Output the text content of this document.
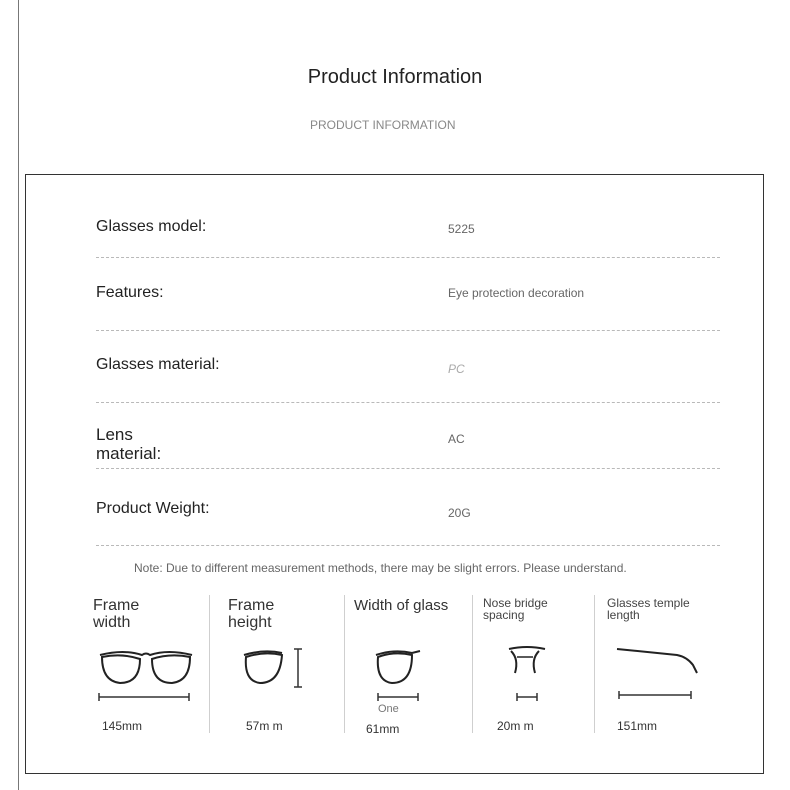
Product Information
PRODUCT INFORMATION
Glasses model:	5225
Features:	Eye protection decoration
Glasses material:	PC
Lens
material:
AC
Product Weight:	20G
Note: Due to different measurement methods, there may be slight errors. Please understand.
Frame
width
145mm
Frame
height
57m m
Width of glass
One
61mm
Nose bridge
spacing
20m m
Glasses temple
length
151mm
